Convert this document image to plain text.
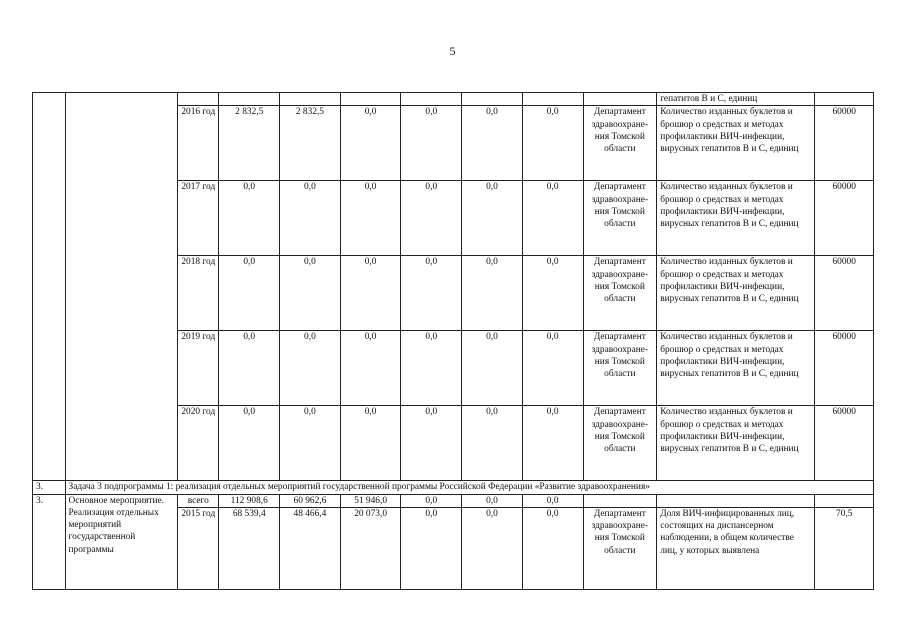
5
										гепатитов В и С, единиц	
		2016 год	2 832,5	2 832,5	0,0	0,0	0,0	0,0	Департамент здравоохране-ния Томской области	Количество изданных буклетов и брошюр о средствах и методах профилактики ВИЧ-инфекции, вирусных гепатитов В и С, единиц	60000
		2017 год	0,0	0,0	0,0	0,0	0,0	0,0	Департамент здравоохране-ния Томской области	Количество изданных буклетов и брошюр о средствах и методах профилактики ВИЧ-инфекции, вирусных гепатитов В и С, единиц	60000
		2018 год	0,0	0,0	0,0	0,0	0,0	0,0	Департамент здравоохране-ния Томской области	Количество изданных буклетов и брошюр о средствах и методах профилактики ВИЧ-инфекции, вирусных гепатитов В и С, единиц	60000
		2019 год	0,0	0,0	0,0	0,0	0,0	0,0	Департамент здравоохране-ния Томской области	Количество изданных буклетов и брошюр о средствах и методах профилактики ВИЧ-инфекции, вирусных гепатитов В и С, единиц	60000
		2020 год	0,0	0,0	0,0	0,0	0,0	0,0	Департамент здравоохране-ния Томской области	Количество изданных буклетов и брошюр о средствах и методах профилактики ВИЧ-инфекции, вирусных гепатитов В и С, единиц	60000
3.	Задача 3 подпрограммы 1: реализация отдельных мероприятий государственной программы Российской Федерации «Развитие здравоохранения»										
3.	Основное мероприятие. Реализация отдельных мероприятий государственной программы	всего	112 908,6	60 962,6	51 946,0	0,0	0,0	0,0			
		2015 год	68 539,4	48 466,4	20 073,0	0,0	0,0	0,0	Департамент здравоохране-ния Томской области	Доля ВИЧ-инфицированных лиц, состоящих на диспансерном наблюдении, в общем количестве лиц, у которых выявлена	70,5
